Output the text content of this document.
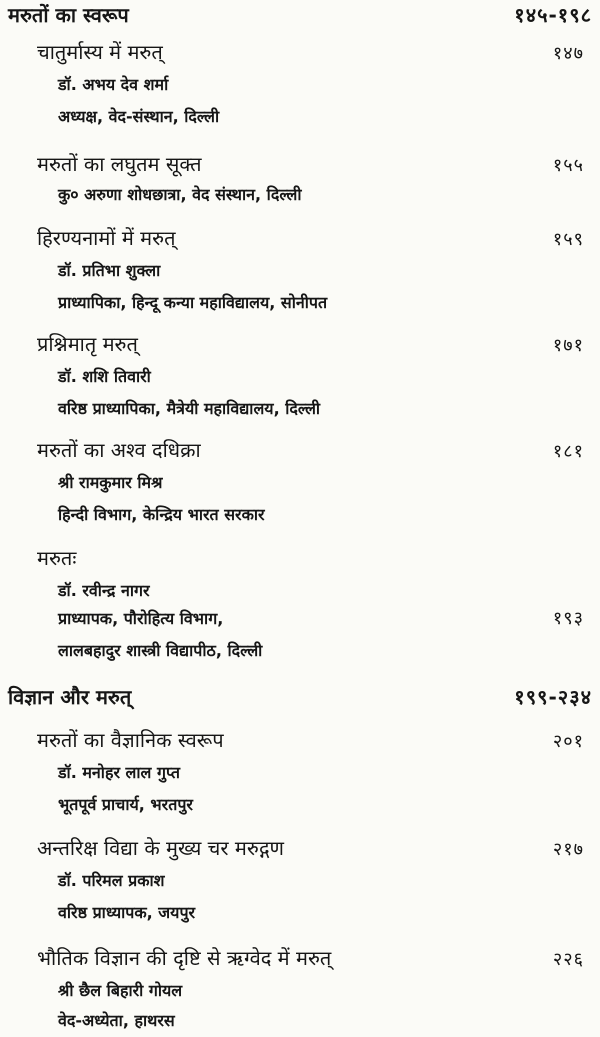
मरुतों का स्वरूप	१४५-१९८
चातुर्मास्य में मरुत्	१४७
डॉ. अभय देव शर्मा
अध्यक्ष, वेद-संस्थान, दिल्ली
मरुतों का लघुतम सूक्त	१५५
कु० अरुणा शोधछात्रा, वेद संस्थान, दिल्ली
हिरण्यनामों में मरुत्	१५९
डॉ. प्रतिभा शुक्ला
प्राध्यापिका, हिन्दू कन्या महाविद्यालय, सोनीपत
प्रश्निमातृ मरुत्	१७१
डॉ. शशि तिवारी
वरिष्ठ प्राध्यापिका, मैत्रेयी महाविद्यालय, दिल्ली
मरुतों का अश्व दधिक्रा	१८१
श्री रामकुमार मिश्र
हिन्दी विभाग, केन्द्रिय भारत सरकार
मरुतः
डॉ. रवीन्द्र नागर
प्राध्यापक, पौरोहित्य विभाग,	१९३
लालबहादुर शास्त्री विद्यापीठ, दिल्ली
विज्ञान और मरुत्	१९९-२३४
मरुतों का वैज्ञानिक स्वरूप	२०१
डॉ. मनोहर लाल गुप्त
भूतपूर्व प्राचार्य, भरतपुर
अन्तरिक्ष विद्या के मुख्य चर मरुद्गण	२१७
डॉ. परिमल प्रकाश
वरिष्ठ प्राध्यापक, जयपुर
भौतिक विज्ञान की दृष्टि से ऋग्वेद में मरुत्	२२६
श्री छैल बिहारी गोयल
वेद-अध्येता, हाथरस
